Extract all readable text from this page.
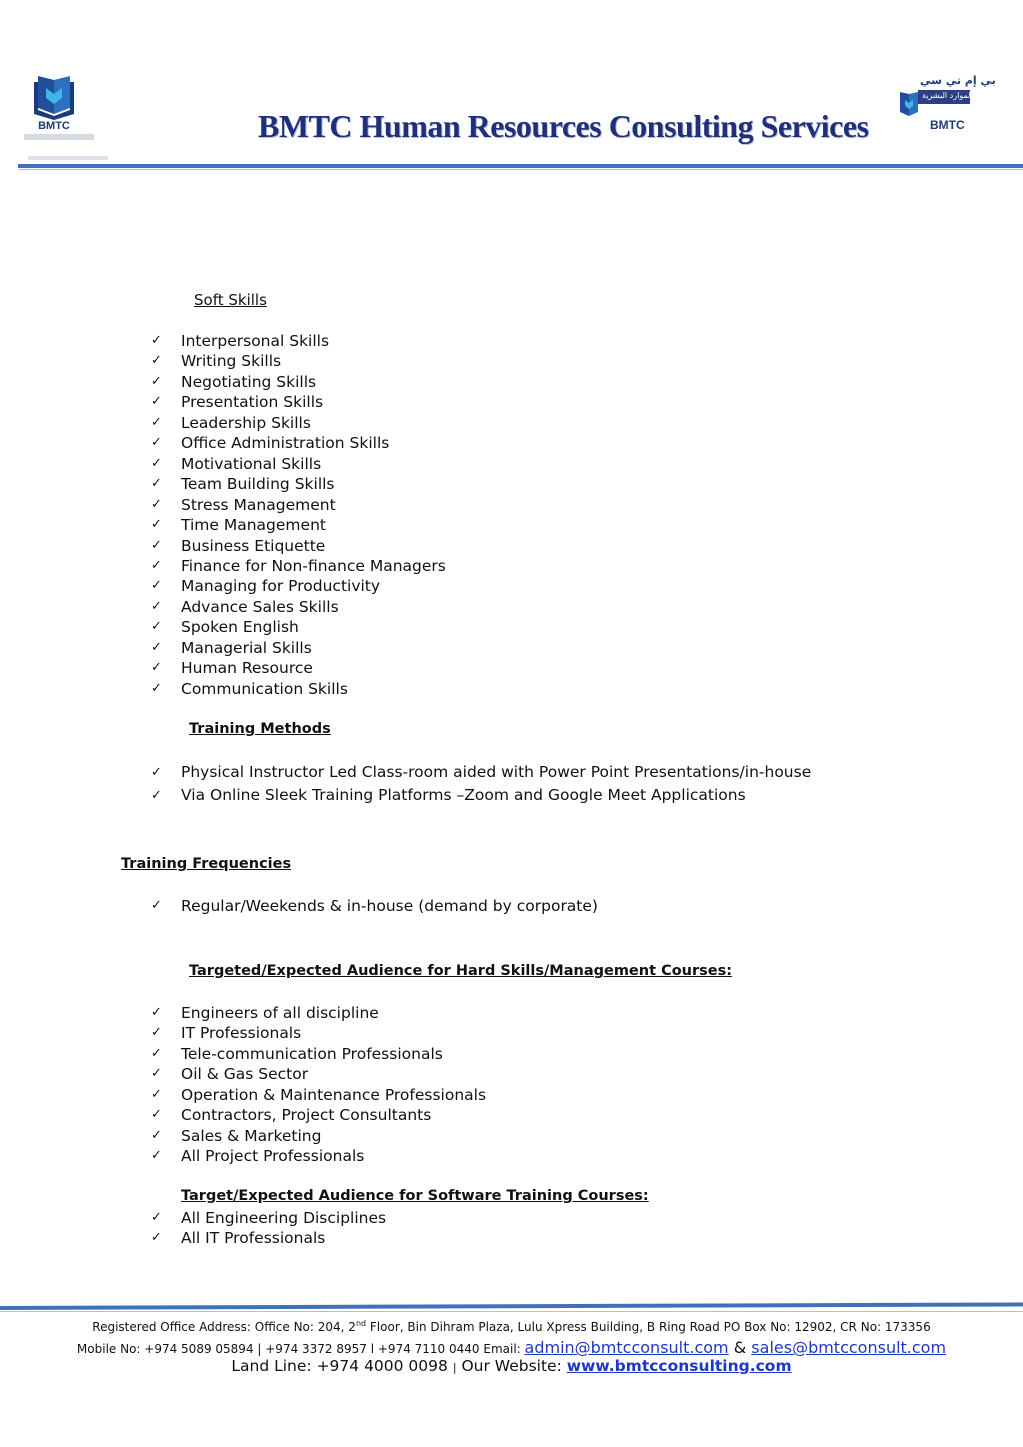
BMTC	BMTC Human Resources Consulting Services
بي إم تي سي
استشارات الموارد البشرية
BMTC
Soft Skills
✓	Interpersonal Skills
✓	Writing Skills
✓	Negotiating Skills
✓	Presentation Skills
✓	Leadership Skills
✓	Office Administration Skills
✓	Motivational Skills
✓	Team Building Skills
✓	Stress Management
✓	Time Management
✓	Business Etiquette
✓	Finance for Non-finance Managers
✓	Managing for Productivity
✓	Advance Sales Skills
✓	Spoken English
✓	Managerial Skills
✓	Human Resource
✓	Communication Skills
Training Methods
✓	Physical Instructor Led Class-room aided with Power Point Presentations/in-house
✓	Via Online Sleek Training Platforms –Zoom and Google Meet Applications
Training Frequencies
✓	Regular/Weekends & in-house (demand by corporate)
Targeted/Expected Audience for Hard Skills/Management Courses:
✓	Engineers of all discipline
✓	IT Professionals
✓	Tele-communication Professionals
✓	Oil & Gas Sector
✓	Operation & Maintenance Professionals
✓	Contractors, Project Consultants
✓	Sales & Marketing
✓	All Project Professionals
Target/Expected Audience for Software Training Courses:
✓	All Engineering Disciplines
✓	All IT Professionals
Registered Office Address: Office No: 204, 2nd Floor, Bin Dihram Plaza, Lulu Xpress Building, B Ring Road PO Box No: 12902, CR No: 173356
Mobile No: +974 5089 05894 | +974 3372 8957 l +974 7110 0440 Email: admin@bmtcconsult.com & sales@bmtcconsult.com
Land Line: +974 4000 0098 | Our Website: www.bmtcconsulting.com
